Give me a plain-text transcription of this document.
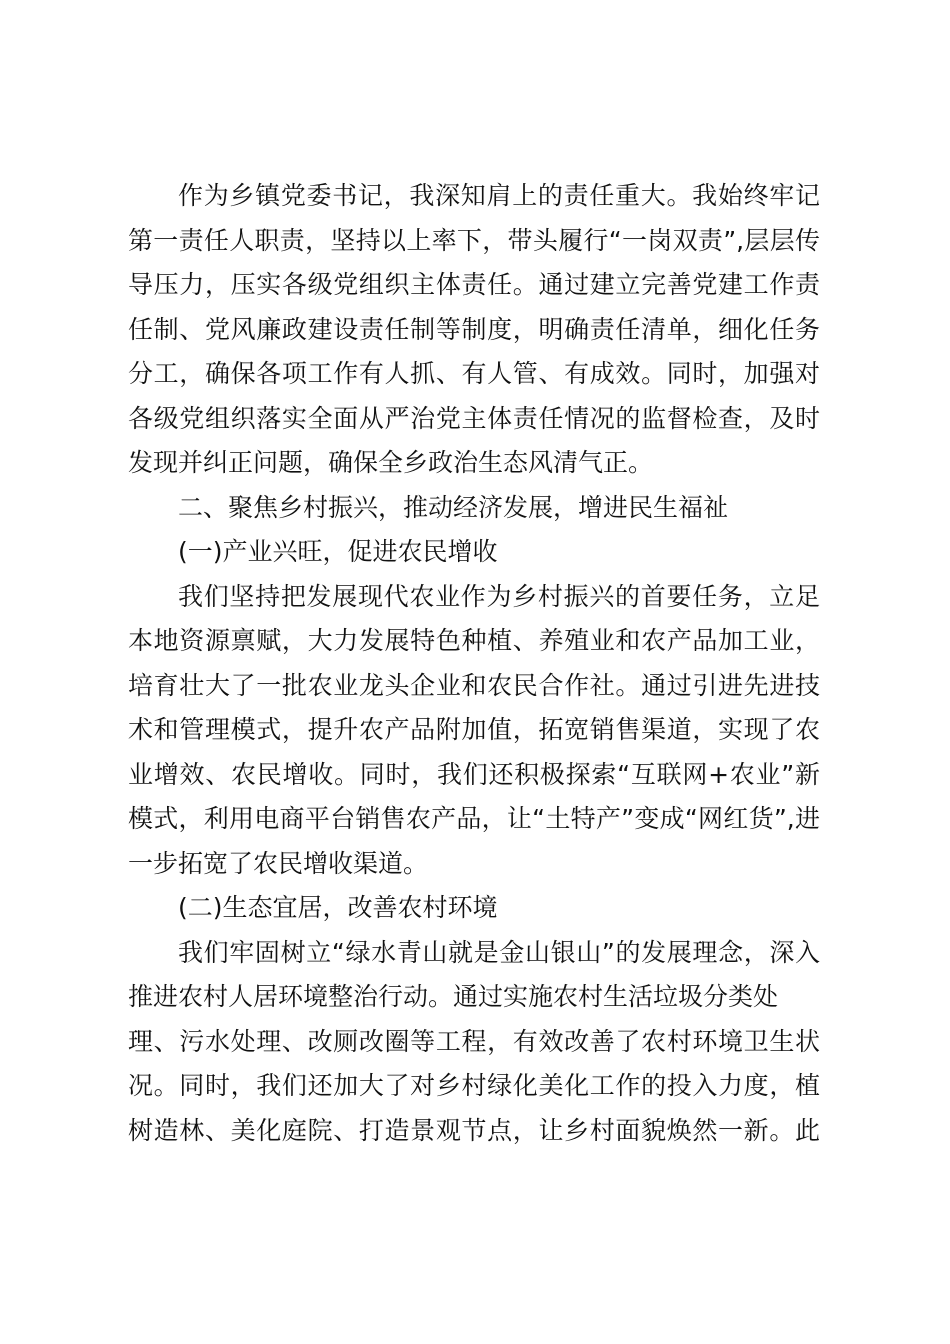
作为乡镇党委书记，我深知肩上的责任重大。我始终牢记
第一责任人职责，坚持以上率下，带头履行“一岗双责”,层层传
导压力，压实各级党组织主体责任。通过建立完善党建工作责
任制、党风廉政建设责任制等制度，明确责任清单，细化任务
分工，确保各项工作有人抓、有人管、有成效。同时，加强对
各级党组织落实全面从严治党主体责任情况的监督检查，及时
发现并纠正问题，确保全乡政治生态风清气正。
二、聚焦乡村振兴，推动经济发展，增进民生福祉
(一)产业兴旺，促进农民增收
我们坚持把发展现代农业作为乡村振兴的首要任务，立足
本地资源禀赋，大力发展特色种植、养殖业和农产品加工业，
培育壮大了一批农业龙头企业和农民合作社。通过引进先进技
术和管理模式，提升农产品附加值，拓宽销售渠道，实现了农
业增效、农民增收。同时，我们还积极探索“互联网+农业”新
模式，利用电商平台销售农产品，让“土特产”变成“网红货”,进
一步拓宽了农民增收渠道。
(二)生态宜居，改善农村环境
我们牢固树立“绿水青山就是金山银山”的发展理念，深入
推进农村人居环境整治行动。通过实施农村生活垃圾分类处
理、污水处理、改厕改圈等工程，有效改善了农村环境卫生状
况。同时，我们还加大了对乡村绿化美化工作的投入力度，植
树造林、美化庭院、打造景观节点，让乡村面貌焕然一新。此
